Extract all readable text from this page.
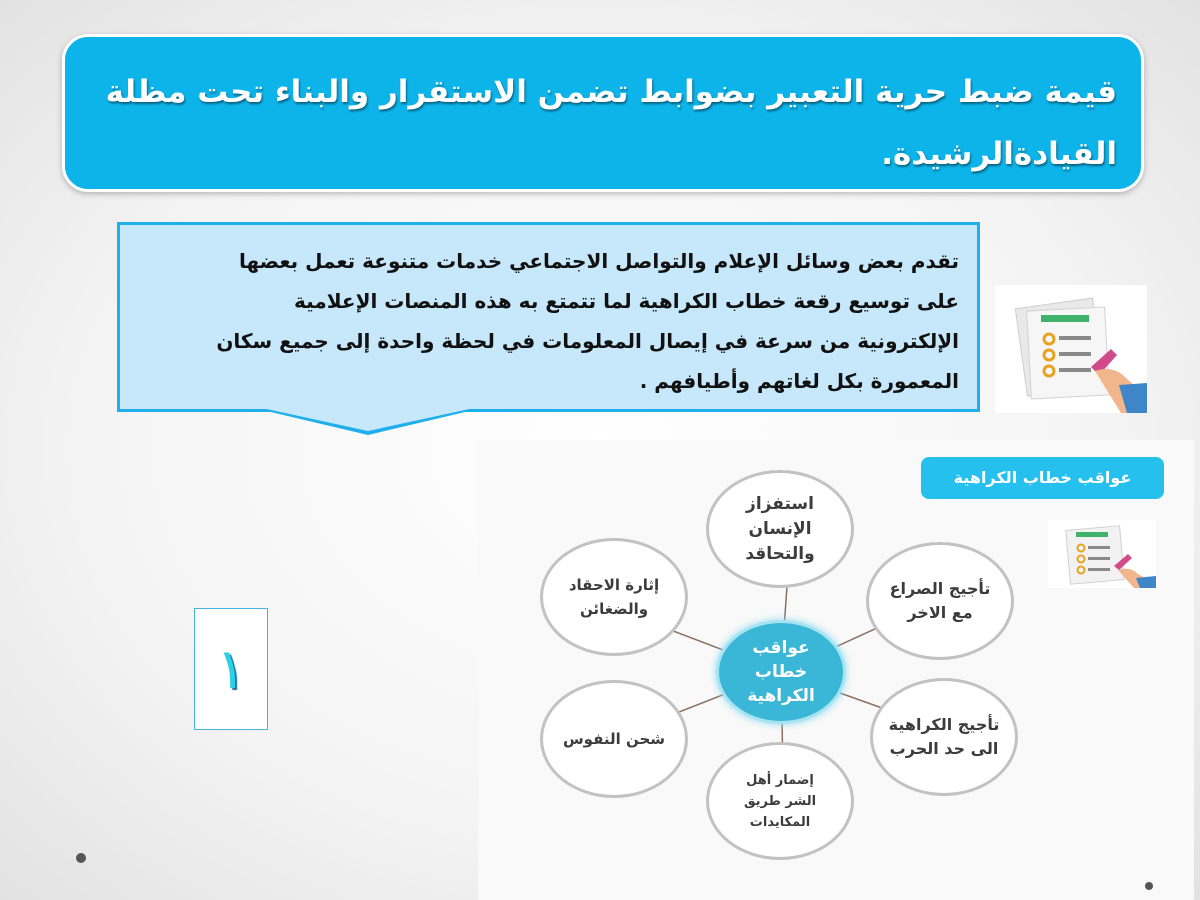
قيمة ضبط حرية التعبير بضوابط تضمن الاستقرار والبناء تحت مظلة
القيادةالرشيدة.
تقدم بعض وسائل الإعلام والتواصل الاجتماعي خدمات متنوعة تعمل بعضها
على توسيع رقعة خطاب الكراهية لما تتمتع به هذه المنصات الإعلامية
الإلكترونية من سرعة في إيصال المعلومات في لحظة واحدة إلى جميع سكان
المعمورة بكل لغاتهم وأطيافهم .
١
عواقب خطاب الكراهية
استفزاز
الإنسان
والتحاقد
تأجيج الصراع
مع الاخر
تأجيج الكراهية
الى حد الحرب
إضمار أهل
الشر طريق
المكايدات
شحن النفوس
إثارة الاحقاد
والضغائن
عواقب
خطاب
الكراهية
